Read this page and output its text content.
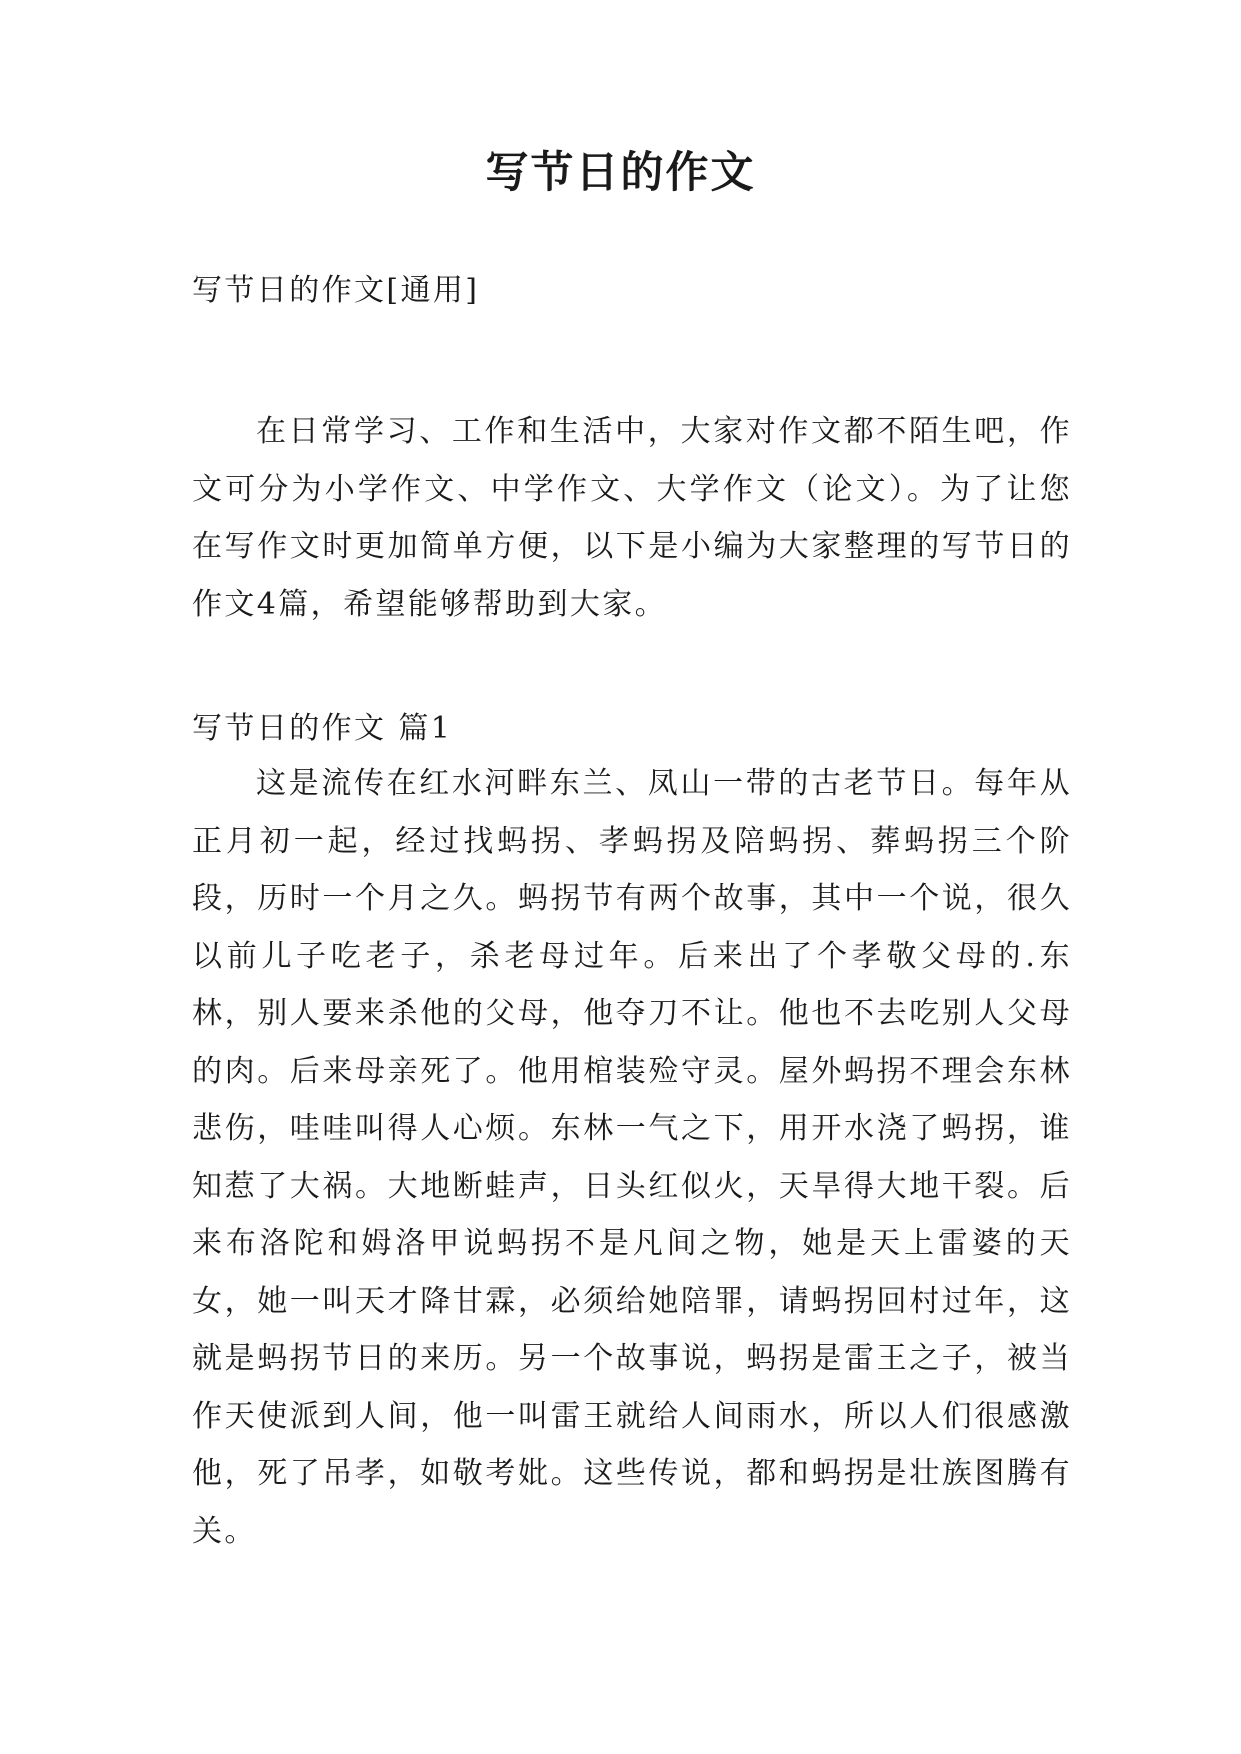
写节日的作文

写节日的作文[通用]

在日常学习、工作和生活中，大家对作文都不陌生吧，作文可分为小学作文、中学作文、大学作文（论文）。为了让您在写作文时更加简单方便，以下是小编为大家整理的写节日的作文4篇，希望能够帮助到大家。

写节日的作文 篇1

这是流传在红水河畔东兰、凤山一带的古老节日。每年从正月初一起，经过找蚂拐、孝蚂拐及陪蚂拐、葬蚂拐三个阶段，历时一个月之久。蚂拐节有两个故事，其中一个说，很久以前儿子吃老子，杀老母过年。后来出了个孝敬父母的.东林，别人要来杀他的父母，他夺刀不让。他也不去吃别人父母的肉。后来母亲死了。他用棺装殓守灵。屋外蚂拐不理会东林悲伤，哇哇叫得人心烦。东林一气之下，用开水浇了蚂拐，谁知惹了大祸。大地断蛙声，日头红似火，天旱得大地干裂。后来布洛陀和姆洛甲说蚂拐不是凡间之物，她是天上雷婆的天女，她一叫天才降甘霖，必须给她陪罪，请蚂拐回村过年，这就是蚂拐节日的来历。另一个故事说，蚂拐是雷王之子，被当作天使派到人间，他一叫雷王就给人间雨水，所以人们很感激他，死了吊孝，如敬考妣。这些传说，都和蚂拐是壮族图腾有关。
